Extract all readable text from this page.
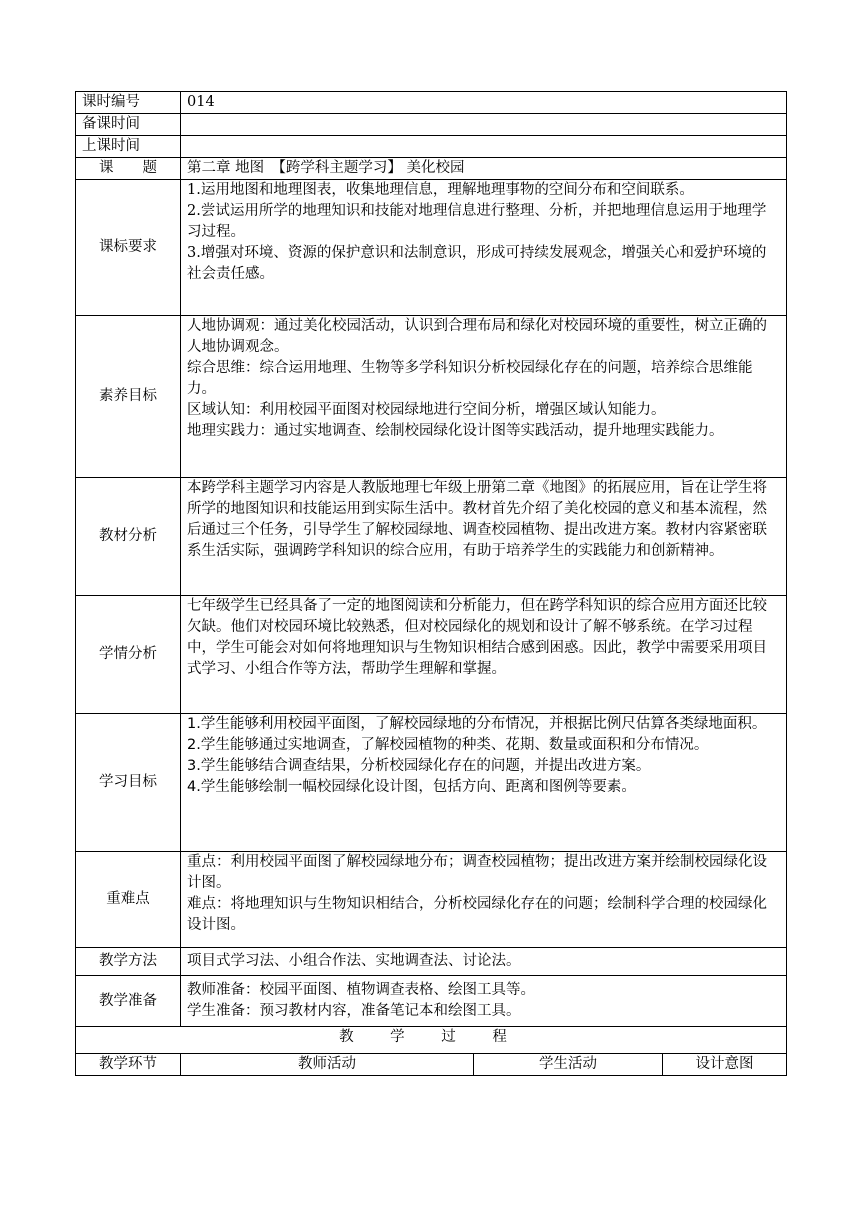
课时编号	014		
备课时间			
上课时间			
课　　题	第二章 地图　【跨学科主题学习】 美化校园		
课标要求	1.运用地图和地理图表，收集地理信息，理解地理事物的空间分布和空间联系。
2.尝试运用所学的地理知识和技能对地理信息进行整理、分析，并把地理信息运用于地理学习过程。
3.增强对环境、资源的保护意识和法制意识，形成可持续发展观念，增强关心和爱护环境的社会责任感。		

素养目标	人地协调观：通过美化校园活动，认识到合理布局和绿化对校园环境的重要性，树立正确的人地协调观念。
综合思维：综合运用地理、生物等多学科知识分析校园绿化存在的问题，培养综合思维能力。
区域认知：利用校园平面图对校园绿地进行空间分析，增强区域认知能力。
地理实践力：通过实地调查、绘制校园绿化设计图等实践活动，提升地理实践能力。		

教材分析	本跨学科主题学习内容是人教版地理七年级上册第二章《地图》的拓展应用，旨在让学生将所学的地图知识和技能运用到实际生活中。教材首先介绍了美化校园的意义和基本流程，然后通过三个任务，引导学生了解校园绿地、调查校园植物、提出改进方案。教材内容紧密联系生活实际，强调跨学科知识的综合应用，有助于培养学生的实践能力和创新精神。		
学情分析	七年级学生已经具备了一定的地图阅读和分析能力，但在跨学科知识的综合应用方面还比较欠缺。他们对校园环境比较熟悉，但对校园绿化的规划和设计了解不够系统。在学习过程中，学生可能会对如何将地理知识与生物知识相结合感到困惑。因此，教学中需要采用项目式学习、小组合作等方法，帮助学生理解和掌握。		
学习目标	1.学生能够利用校园平面图，了解校园绿地的分布情况，并根据比例尺估算各类绿地面积。
2.学生能够通过实地调查，了解校园植物的种类、花期、数量或面积和分布情况。
3.学生能够结合调查结果，分析校园绿化存在的问题，并提出改进方案。
4.学生能够绘制一幅校园绿化设计图，包括方向、距离和图例等要素。		

重难点	重点：利用校园平面图了解校园绿地分布；调查校园植物；提出改进方案并绘制校园绿化设计图。
难点：将地理知识与生物知识相结合，分析校园绿化存在的问题；绘制科学合理的校园绿化设计图。		

教学方法	项目式学习法、小组合作法、实地调查法、讨论法。		
教学准备	教师准备：校园平面图、植物调查表格、绘图工具等。
学生准备：预习教材内容，准备笔记本和绘图工具。		

教 学 过 程			
教学环节	教师活动	学生活动	设计意图
